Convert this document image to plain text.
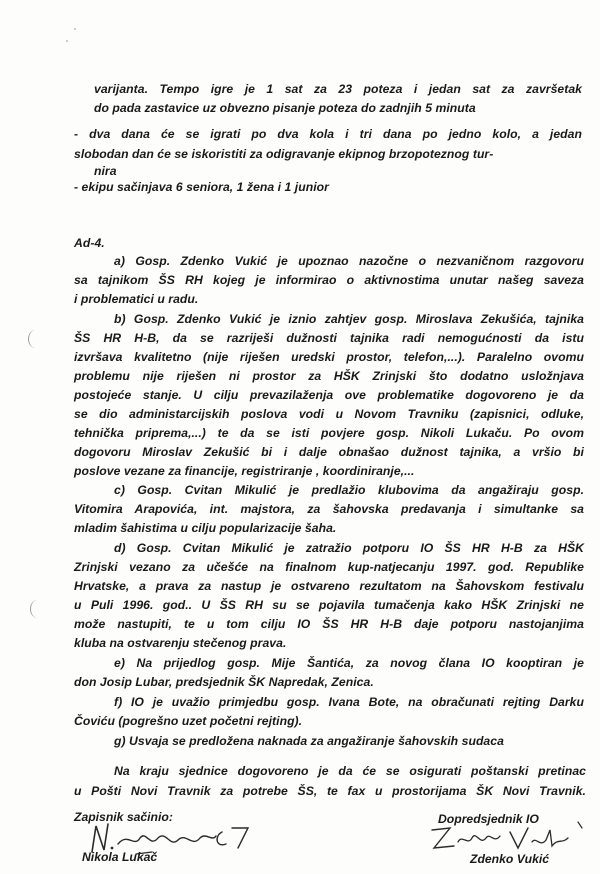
varijanta. Tempo igre je 1 sat za 23 poteza i jedan sat za završetak
do pada zastavice uz obvezno pisanje poteza do zadnjih 5 minuta
- dva dana će se igrati po dva kola i tri dana po jedno kolo, a jedan
slobodan dan će se iskoristiti za odigravanje ekipnog brzopoteznog tur-
nira
- ekipu sačinjava 6 seniora, 1 žena i 1 junior
Ad-4.
a) Gosp. Zdenko Vukić je upoznao nazočne o nezvaničnom razgovoru
sa tajnikom ŠS RH kojeg je informirao o aktivnostima unutar našeg saveza
i problematici u radu.
b) Gosp. Zdenko Vukić je iznio zahtjev gosp. Miroslava Zekušića, tajnika
ŠS HR H-B, da se razriješi dužnosti tajnika radi nemogućnosti da istu
izvršava kvalitetno (nije riješen uredski prostor, telefon,...). Paralelno ovomu
problemu nije riješen ni prostor za HŠK Zrinjski što dodatno usložnjava
postojeće stanje. U cilju prevazilaženja ove problematike dogovoreno je da
se dio administarcijskih poslova vodi u Novom Travniku (zapisnici, odluke,
tehnička priprema,...) te da se isti povjere gosp. Nikoli Lukaču. Po ovom
dogovoru Miroslav Zekušić bi i dalje obnašao dužnost tajnika, a vršio bi
poslove vezane za financije, registriranje , koordiniranje,...
c) Gosp. Cvitan Mikulić je predlažio klubovima da angažiraju gosp.
Vitomira Arapovića, int. majstora, za šahovska predavanja i simultanke sa
mladim šahistima u cilju popularizacije šaha.
d) Gosp. Cvitan Mikulić je zatražio potporu IO ŠS HR H-B za HŠK
Zrinjski vezano za učešće na finalnom kup-natjecanju 1997. god. Republike
Hrvatske, a prava za nastup je ostvareno rezultatom na Šahovskom festivalu
u Puli 1996. god.. U ŠS RH su se pojavila tumačenja kako HŠK Zrinjski ne
može nastupiti, te u tom cilju IO ŠS HR H-B daje potporu nastojanjima
kluba na ostvarenju stečenog prava.
e) Na prijedlog gosp. Mije Šantića, za novog člana IO kooptiran je
don Josip Lubar, predsjednik ŠK Napredak, Zenica.
f) IO je uvažio primjedbu gosp. Ivana Bote, na obračunati rejting Darku
Čoviću (pogrešno uzet početni rejting).
g) Usvaja se predložena naknada za angažiranje šahovskih sudaca
Na kraju sjednice dogovoreno je da će se osigurati poštanski pretinac
u Pošti Novi Travnik za potrebe ŠS, te fax u prostorijama ŠK Novi Travnik.
Zapisnik sačinio:
Nikola Lukač
Dopredsjednik IO
Zdenko Vukić
